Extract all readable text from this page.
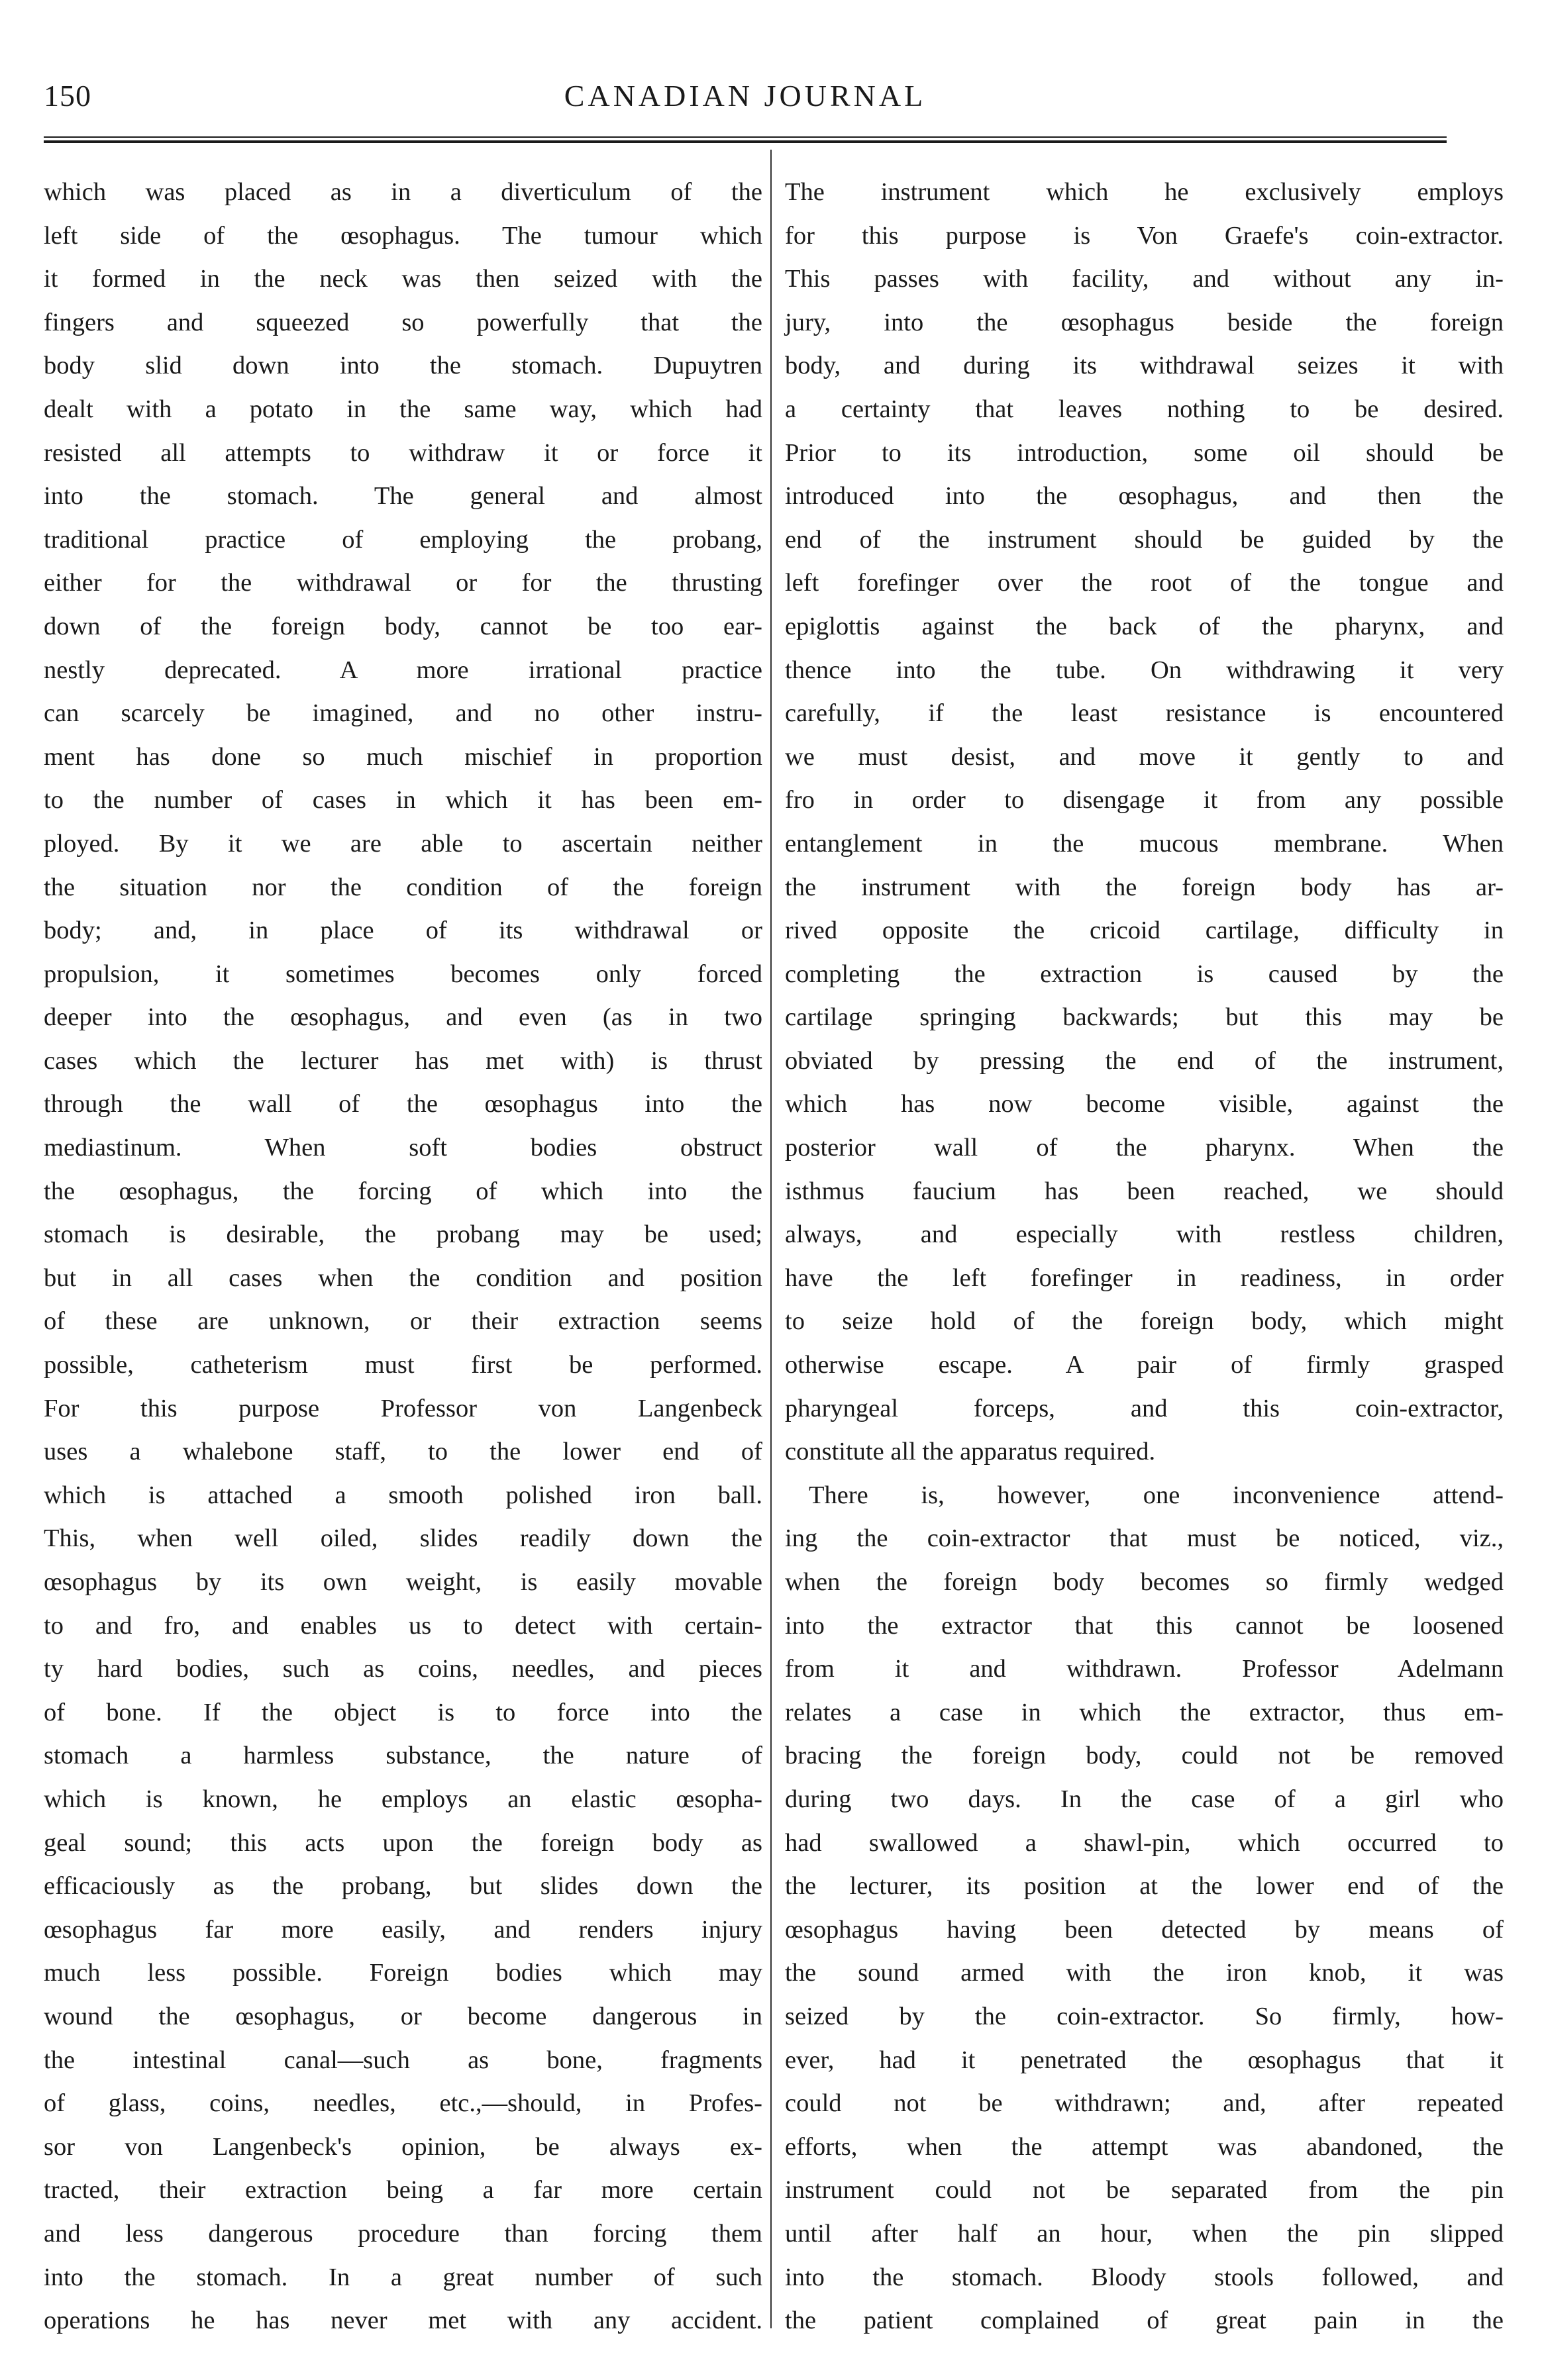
150	CANADIAN JOURNAL
which was placed as in a diverticulum of the
left side of the œsophagus. The tumour which
it formed in the neck was then seized with the
fingers and squeezed so powerfully that the
body slid down into the stomach. Dupuytren
dealt with a potato in the same way, which had
resisted all attempts to withdraw it or force it
into the stomach. The general and almost
traditional practice of employing the probang,
either for the withdrawal or for the thrusting
down of the foreign body, cannot be too ear-
nestly deprecated. A more irrational practice
can scarcely be imagined, and no other instru-
ment has done so much mischief in proportion
to the number of cases in which it has been em-
ployed. By it we are able to ascertain neither
the situation nor the condition of the foreign
body; and, in place of its withdrawal or
propulsion, it sometimes becomes only forced
deeper into the œsophagus, and even (as in two
cases which the lecturer has met with) is thrust
through the wall of the œsophagus into the
mediastinum. When soft bodies obstruct
the œsophagus, the forcing of which into the
stomach is desirable, the probang may be used;
but in all cases when the condition and position
of these are unknown, or their extraction seems
possible, catheterism must first be performed.
For this purpose Professor von Langenbeck
uses a whalebone staff, to the lower end of
which is attached a smooth polished iron ball.
This, when well oiled, slides readily down the
œsophagus by its own weight, is easily movable
to and fro, and enables us to detect with certain-
ty hard bodies, such as coins, needles, and pieces
of bone. If the object is to force into the
stomach a harmless substance, the nature of
which is known, he employs an elastic œsopha-
geal sound; this acts upon the foreign body as
efficaciously as the probang, but slides down the
œsophagus far more easily, and renders injury
much less possible. Foreign bodies which may
wound the œsophagus, or become dangerous in
the intestinal canal—such as bone, fragments
of glass, coins, needles, etc.,—should, in Profes-
sor von Langenbeck's opinion, be always ex-
tracted, their extraction being a far more certain
and less dangerous procedure than forcing them
into the stomach. In a great number of such
operations he has never met with any accident.
The instrument which he exclusively employs
for this purpose is Von Graefe's coin-extractor.
This passes with facility, and without any in-
jury, into the œsophagus beside the foreign
body, and during its withdrawal seizes it with
a certainty that leaves nothing to be desired.
Prior to its introduction, some oil should be
introduced into the œsophagus, and then the
end of the instrument should be guided by the
left forefinger over the root of the tongue and
epiglottis against the back of the pharynx, and
thence into the tube. On withdrawing it very
carefully, if the least resistance is encountered
we must desist, and move it gently to and
fro in order to disengage it from any possible
entanglement in the mucous membrane. When
the instrument with the foreign body has ar-
rived opposite the cricoid cartilage, difficulty in
completing the extraction is caused by the
cartilage springing backwards; but this may be
obviated by pressing the end of the instrument,
which has now become visible, against the
posterior wall of the pharynx. When the
isthmus faucium has been reached, we should
always, and especially with restless children,
have the left forefinger in readiness, in order
to seize hold of the foreign body, which might
otherwise escape. A pair of firmly grasped
pharyngeal forceps, and this coin-extractor,
constitute all the apparatus required.
There is, however, one inconvenience attend-
ing the coin-extractor that must be noticed, viz.,
when the foreign body becomes so firmly wedged
into the extractor that this cannot be loosened
from it and withdrawn. Professor Adelmann
relates a case in which the extractor, thus em-
bracing the foreign body, could not be removed
during two days. In the case of a girl who
had swallowed a shawl-pin, which occurred to
the lecturer, its position at the lower end of the
œsophagus having been detected by means of
the sound armed with the iron knob, it was
seized by the coin-extractor. So firmly, how-
ever, had it penetrated the œsophagus that it
could not be withdrawn; and, after repeated
efforts, when the attempt was abandoned, the
instrument could not be separated from the pin
until after half an hour, when the pin slipped
into the stomach. Bloody stools followed, and
the patient complained of great pain in the
